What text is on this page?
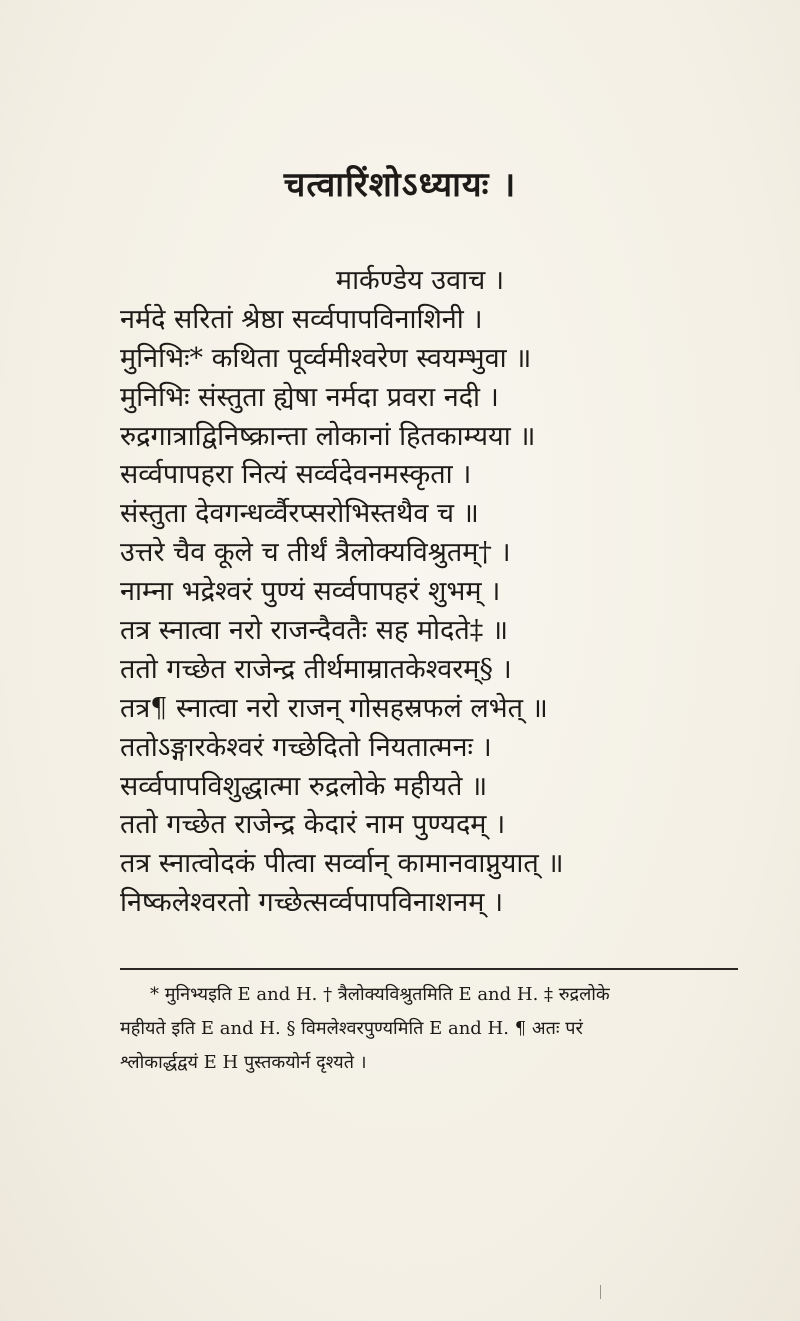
चत्वारिंशोऽध्यायः ।
मार्कण्डेय उवाच ।
नर्मदे सरितां श्रेष्ठा सर्व्वपापविनाशिनी ।
मुनिभिः* कथिता पूर्व्वमीश्वरेण स्वयम्भुवा ॥
मुनिभिः संस्तुता ह्येषा नर्मदा प्रवरा नदी ।
रुद्रगात्राद्विनिष्क्रान्ता लोकानां हितकाम्यया ॥
सर्व्वपापहरा नित्यं सर्व्वदेवनमस्कृता ।
संस्तुता देवगन्धर्व्वैरप्सरोभिस्तथैव च ॥
उत्तरे चैव कूले च तीर्थं त्रैलोक्यविश्रुतम्† ।
नाम्ना भद्रेश्वरं पुण्यं सर्व्वपापहरं शुभम् ।
तत्र स्नात्वा नरो राजन्दैवतैः सह मोदते‡ ॥
ततो गच्छेत राजेन्द्र तीर्थमाम्रातकेश्वरम्§ ।
तत्र¶ स्नात्वा नरो राजन् गोसहस्रफलं लभेत् ॥
ततोऽङ्गारकेश्वरं गच्छेदितो नियतात्मनः ।
सर्व्वपापविशुद्धात्मा रुद्रलोके महीयते ॥
ततो गच्छेत राजेन्द्र केदारं नाम पुण्यदम् ।
तत्र स्नात्वोदकं पीत्वा सर्व्वान् कामानवाप्नुयात् ॥
निष्कलेश्वरतो गच्छेत्सर्व्वपापविनाशनम् ।
* मुनिभ्यइति E and H. † त्रैलोक्यविश्रुतमिति E and H. ‡ रुद्रलोके
महीयते इति E and H. § विमलेश्वरपुण्यमिति E and H. ¶ अतः परं
श्लोकार्द्धद्वयं E H पुस्तकयोर्न दृश्यते ।
